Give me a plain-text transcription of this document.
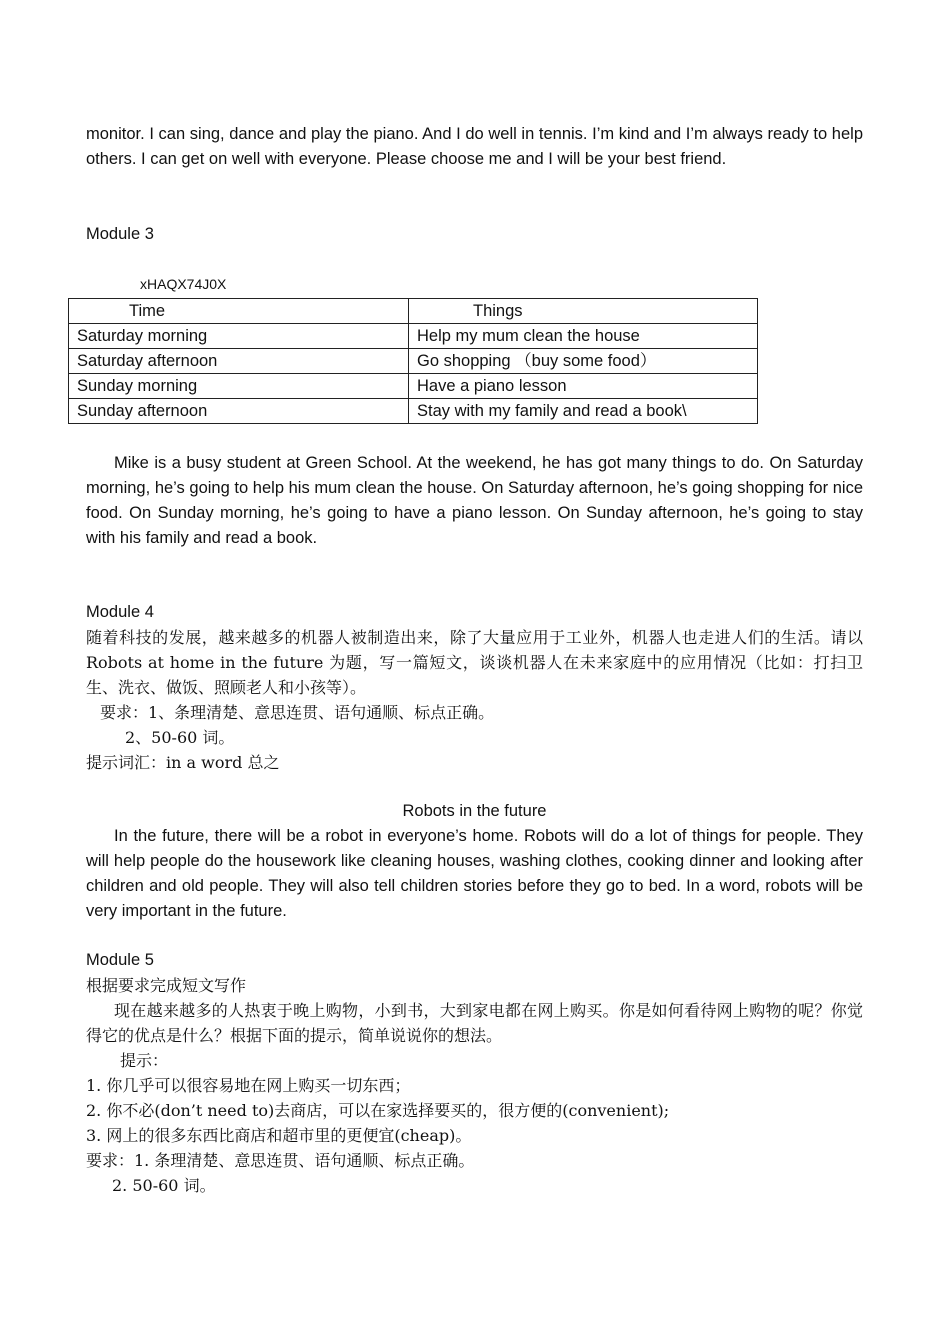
monitor. I can sing, dance and play the piano. And I do well in tennis. I’m kind and I’m always ready to help others. I can get on well with everyone. Please choose me and I will be your best friend.
Module 3
xHAQX74J0X
Time	Things
Saturday morning	Help my mum clean the house
Saturday afternoon	Go shopping （buy some food）
Sunday morning	Have a piano lesson
Sunday afternoon	Stay with my family and read a book\
Mike is a busy student at Green School. At the weekend, he has got many things to do. On Saturday morning, he’s going to help his mum clean the house. On Saturday afternoon, he’s going shopping for nice food. On Sunday morning, he’s going to have a piano lesson. On Sunday afternoon, he’s going to stay with his family and read a book.
Module 4
随着科技的发展，越来越多的机器人被制造出来，除了大量应用于工业外，机器人也走进人们的生活。请以 Robots at home in the future 为题，写一篇短文，谈谈机器人在未来家庭中的应用情况（比如：打扫卫生、洗衣、做饭、照顾老人和小孩等）。
要求：1、条理清楚、意思连贯、语句通顺、标点正确。
2、50-60 词。
提示词汇：in a word 总之
Robots in the future
In the future, there will be a robot in everyone’s home. Robots will do a lot of things for people. They will help people do the housework like cleaning houses, washing clothes, cooking dinner and looking after children and old people. They will also tell children stories before they go to bed. In a word, robots will be very important in the future.
Module 5
根据要求完成短文写作
现在越来越多的人热衷于晚上购物，小到书，大到家电都在网上购买。你是如何看待网上购物的呢？你觉得它的优点是什么？根据下面的提示，简单说说你的想法。
提示：
1. 你几乎可以很容易地在网上购买一切东西；
2. 你不必(don’t need to)去商店，可以在家选择要买的，很方便的(convenient);
3. 网上的很多东西比商店和超市里的更便宜(cheap)。
要求：1. 条理清楚、意思连贯、语句通顺、标点正确。
2. 50-60 词。
